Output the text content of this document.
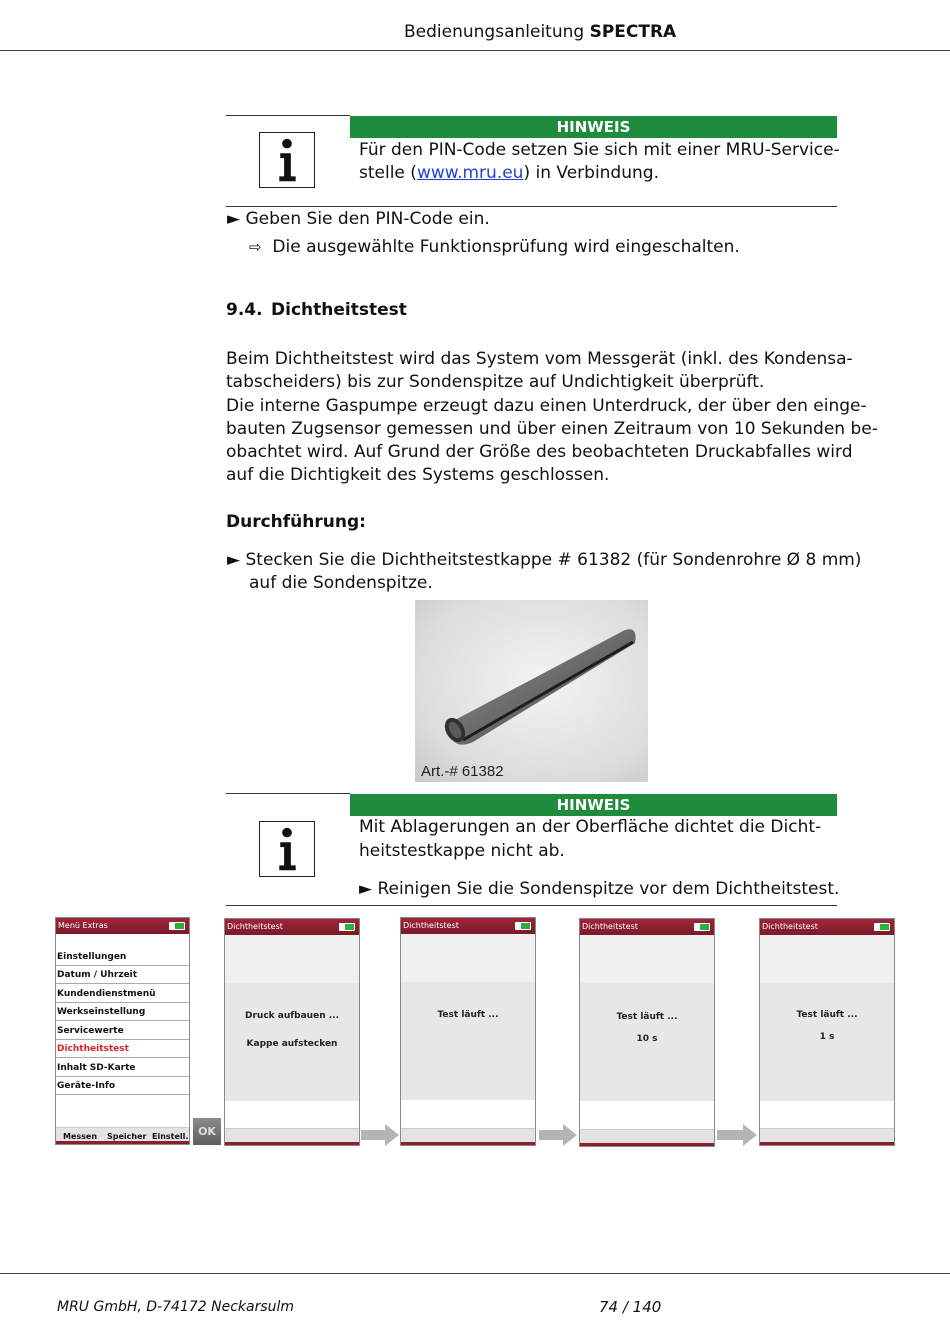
Bedienungsanleitung SPECTRA
HINWEIS
Für den PIN-Code setzen Sie sich mit einer MRU-Service-
stelle (www.mru.eu) in Verbindung.
► Geben Sie den PIN-Code ein.
⇨ Die ausgewählte Funktionsprüfung wird eingeschalten.
9.4. Dichtheitstest
Beim Dichtheitstest wird das System vom Messgerät (inkl. des Kondensa-
tabscheiders) bis zur Sondenspitze auf Undichtigkeit überprüft.
Die interne Gaspumpe erzeugt dazu einen Unterdruck, der über den einge-
bauten Zugsensor gemessen und über einen Zeitraum von 10 Sekunden be-
obachtet wird. Auf Grund der Größe des beobachteten Druckabfalles wird
auf die Dichtigkeit des Systems geschlossen.
Durchführung:
► Stecken Sie die Dichtheitstestkappe # 61382 (für Sondenrohre Ø 8 mm)
auf die Sondenspitze.
Art.-# 61382
HINWEIS
Mit Ablagerungen an der Oberfläche dichtet die Dicht-
heitstestkappe nicht ab.
► Reinigen Sie die Sondenspitze vor dem Dichtheitstest.
Menü Extras
Einstellungen
Datum / Uhrzeit
Kundendienstmenü
Werkseinstellung
Servicewerte
Dichtheitstest
Inhalt SD-Karte
Geräte-Info
Messen Speicher Einstell. OK
Dichtheitstest
Druck aufbauen ...
Kappe aufstecken
Dichtheitstest
Test läuft ...
Dichtheitstest
Test läuft ...
10 s
Dichtheitstest
Test läuft ...
1 s
MRU GmbH, D-74172 Neckarsulm	74 / 140
